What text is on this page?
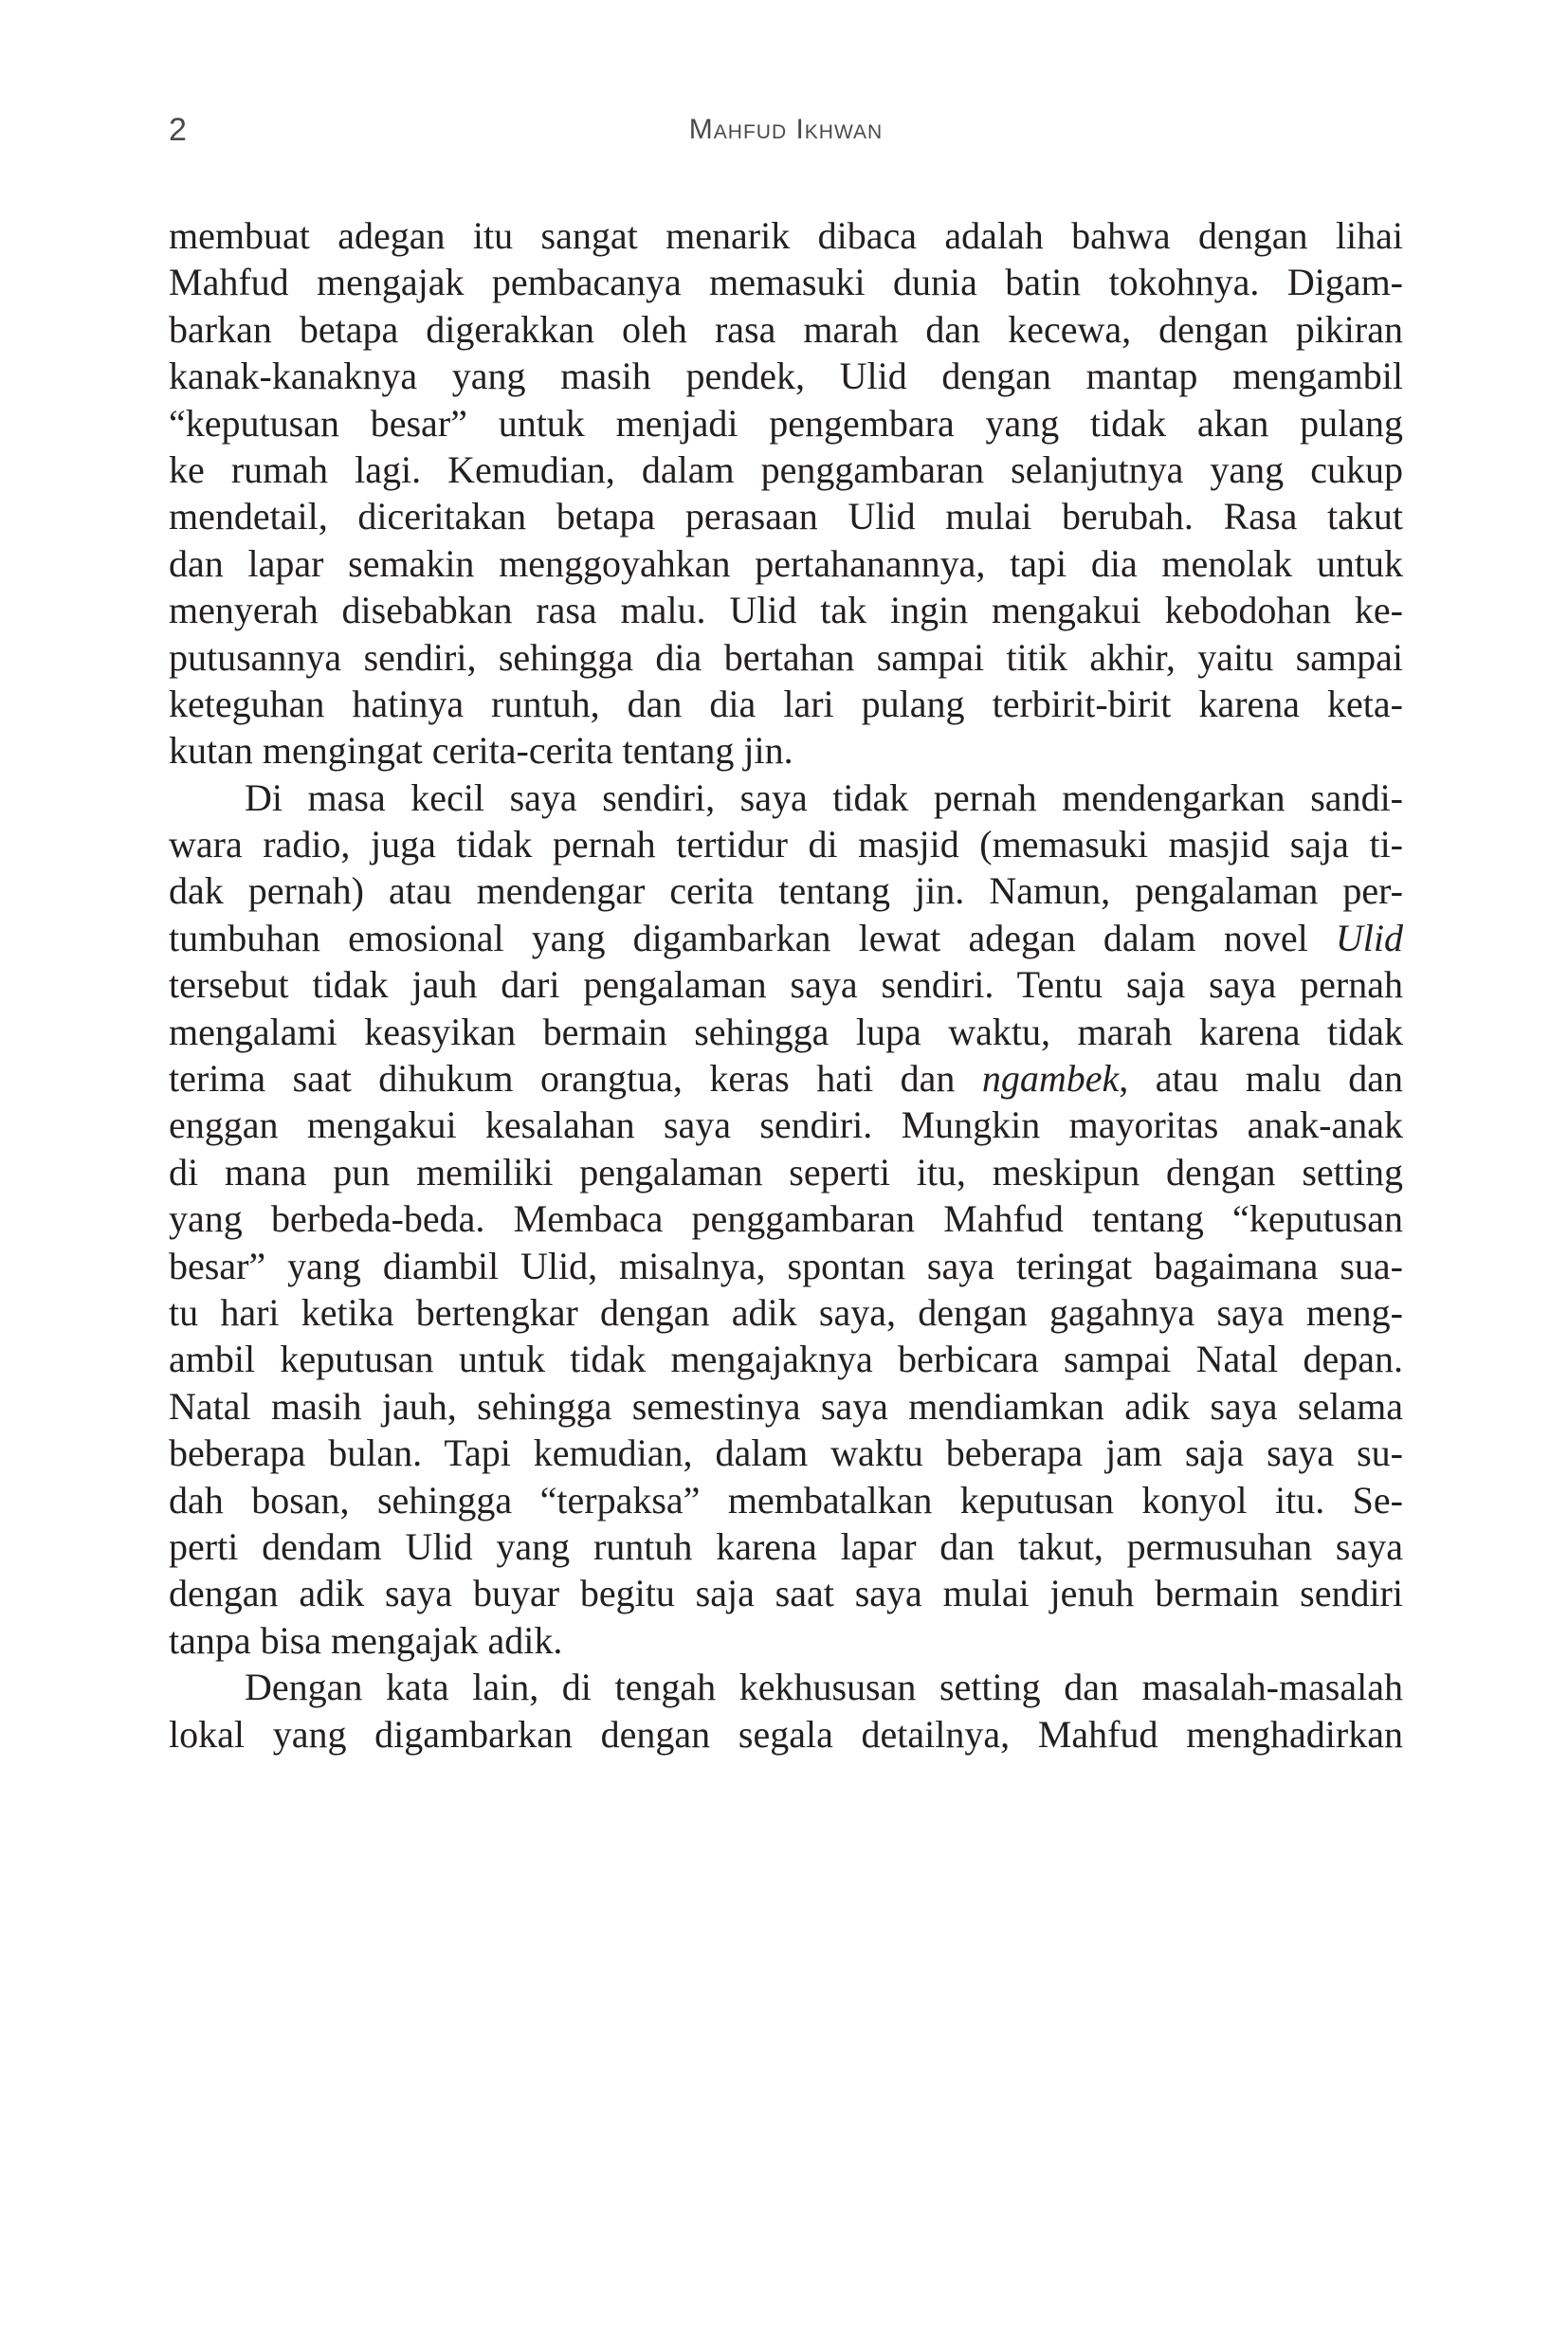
2	Mahfud Ikhwan
membuat adegan itu sangat menarik dibaca adalah bahwa dengan lihai
Mahfud mengajak pembacanya memasuki dunia batin tokohnya. Digam-
barkan betapa digerakkan oleh rasa marah dan kecewa, dengan pikiran
kanak-kanaknya yang masih pendek, Ulid dengan mantap mengambil
“keputusan besar” untuk menjadi pengembara yang tidak akan pulang
ke rumah lagi. Kemudian, dalam penggambaran selanjutnya yang cukup
mendetail, diceritakan betapa perasaan Ulid mulai berubah. Rasa takut
dan lapar semakin menggoyahkan pertahanannya, tapi dia menolak untuk
menyerah disebabkan rasa malu. Ulid tak ingin mengakui kebodohan ke-
putusannya sendiri, sehingga dia bertahan sampai titik akhir, yaitu sampai
keteguhan hatinya runtuh, dan dia lari pulang terbirit-birit karena keta-
kutan mengingat cerita-cerita tentang jin.
Di masa kecil saya sendiri, saya tidak pernah mendengarkan sandi-
wara radio, juga tidak pernah tertidur di masjid (memasuki masjid saja ti-
dak pernah) atau mendengar cerita tentang jin. Namun, pengalaman per-
tumbuhan emosional yang digambarkan lewat adegan dalam novel Ulid
tersebut tidak jauh dari pengalaman saya sendiri. Tentu saja saya pernah
mengalami keasyikan bermain sehingga lupa waktu, marah karena tidak
terima saat dihukum orangtua, keras hati dan ngambek, atau malu dan
enggan mengakui kesalahan saya sendiri. Mungkin mayoritas anak-anak
di mana pun memiliki pengalaman seperti itu, meskipun dengan setting
yang berbeda-beda. Membaca penggambaran Mahfud tentang “keputusan
besar” yang diambil Ulid, misalnya, spontan saya teringat bagaimana sua-
tu hari ketika bertengkar dengan adik saya, dengan gagahnya saya meng-
ambil keputusan untuk tidak mengajaknya berbicara sampai Natal depan.
Natal masih jauh, sehingga semestinya saya mendiamkan adik saya selama
beberapa bulan. Tapi kemudian, dalam waktu beberapa jam saja saya su-
dah bosan, sehingga “terpaksa” membatalkan keputusan konyol itu. Se-
perti dendam Ulid yang runtuh karena lapar dan takut, permusuhan saya
dengan adik saya buyar begitu saja saat saya mulai jenuh bermain sendiri
tanpa bisa mengajak adik.
Dengan kata lain, di tengah kekhususan setting dan masalah-masalah
lokal yang digambarkan dengan segala detailnya, Mahfud menghadirkan
